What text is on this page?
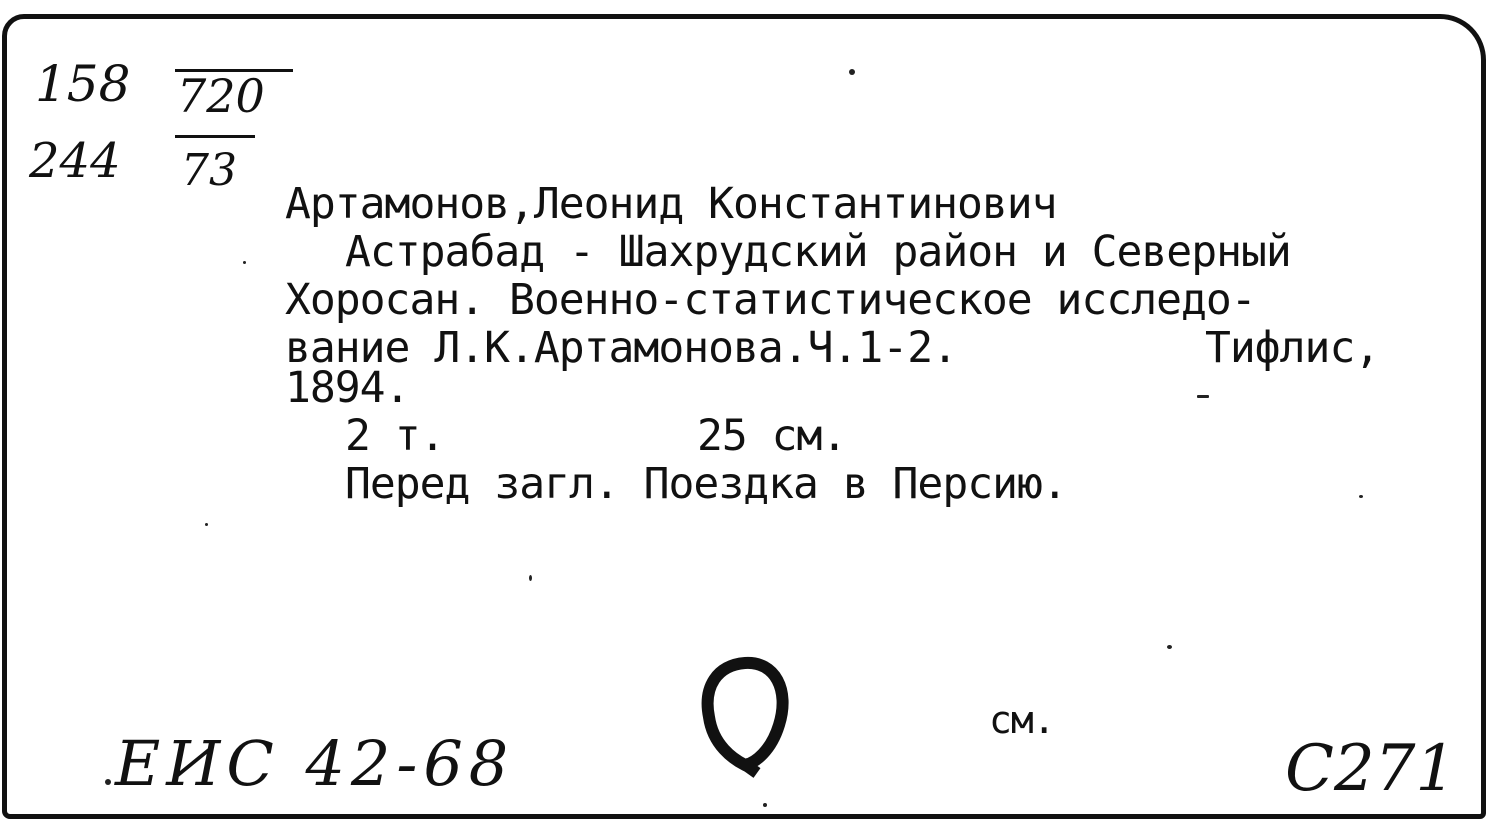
158 720
244 73
Артамонов,Леонид Константинович
Астрабад - Шахрудский район и Северный
Хоросан. Военно-статистическое исследо-
вание Л.К.Артамонова.Ч.1-2.	Тифлис,
1894.
2 т.	25 см.
Перед загл. Поездка в Персию.
ЕИС 42-68
см.
С271
